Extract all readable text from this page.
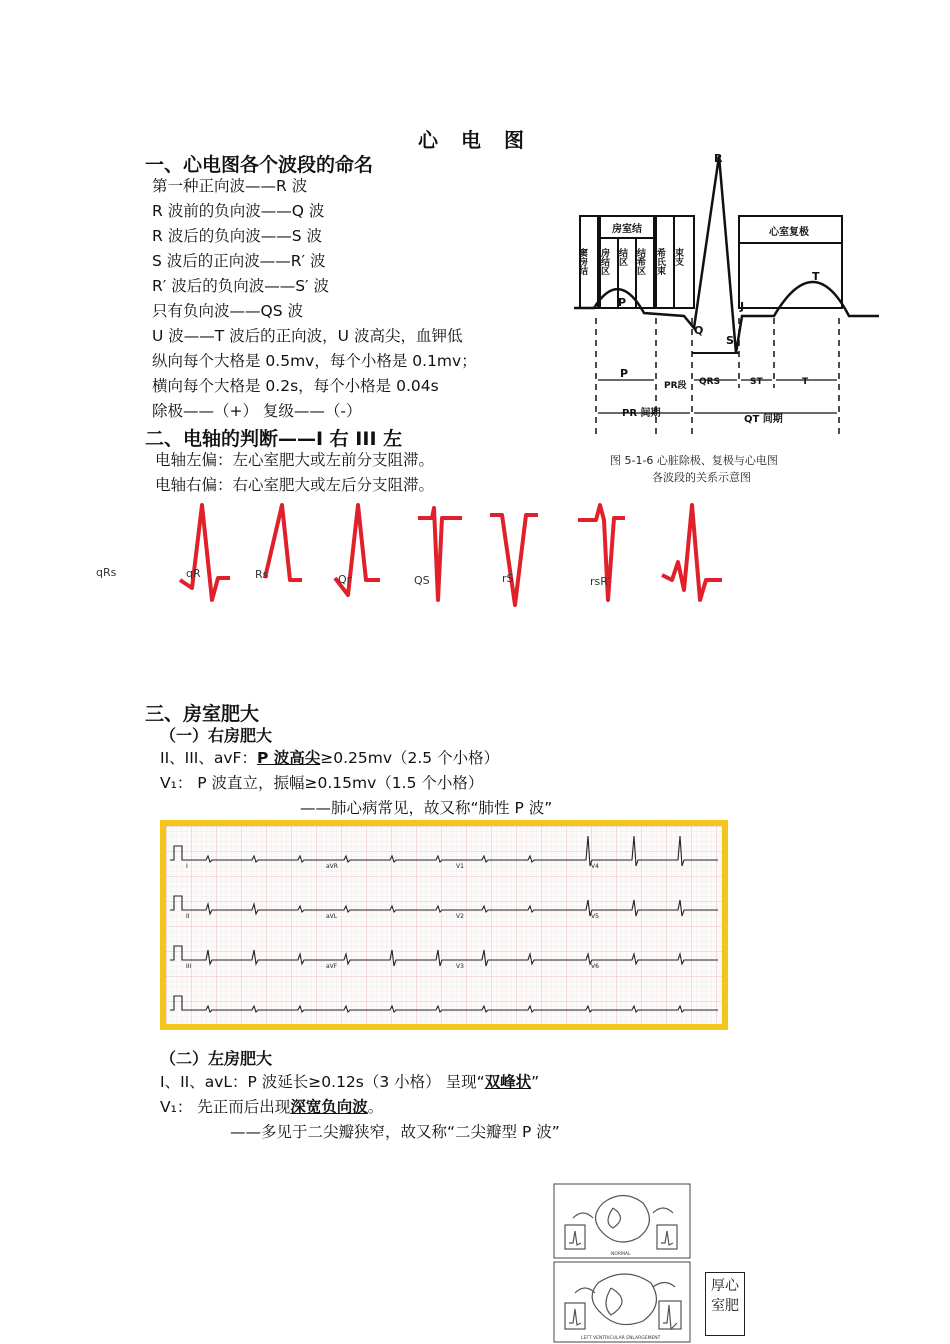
心 电 图
一、心电图各个波段的命名
第一种正向波——R 波
R 波前的负向波——Q 波
R 波后的负向波——S 波
S 波后的正向波——R′ 波
R′ 波后的负向波——S′ 波
只有负向波——QS 波
U 波——T 波后的正向波，U 波高尖，血钾低
纵向每个大格是 0.5mv，每个小格是 0.1mv；
横向每个大格是 0.2s，每个小格是 0.04s
除极——（+） 复级——（-）
R
窦房结
房室结
房结区 结区 结希区 希氏束 束支
心室复极
P
Q
S
J
T
P
PR段 QRS	ST	T
PR 间期
QT 间期
图 5-1-6 心脏除极、复极与心电图
各波段的关系示意图
二、电轴的判断——I 右 III 左
电轴左偏：左心室肥大或左前分支阻滞。
电轴右偏：右心室肥大或左后分支阻滞。
qRs	qR	Rs	Qr	QS	rS	rsR′
三、房室肥大
（一）右房肥大
II、III、avF：P 波高尖≥0.25mv（2.5 个小格）
V₁： P 波直立，振幅≥0.15mv（1.5 个小格）
——肺心病常见，故又称“肺性 P 波”
I	aVR	V1	V4
II	aVL	V2	V5
III	aVF	V3	V6
（二）左房肥大
I、II、avL：P 波延长≥0.12s（3 小格） 呈现“双峰状”
V₁： 先正而后出现深宽负向波。
——多见于二尖瓣狭窄，故又称“二尖瓣型 P 波”
NORMAL
LEFT VENTRICULAR ENLARGEMENT
厚心室肥
